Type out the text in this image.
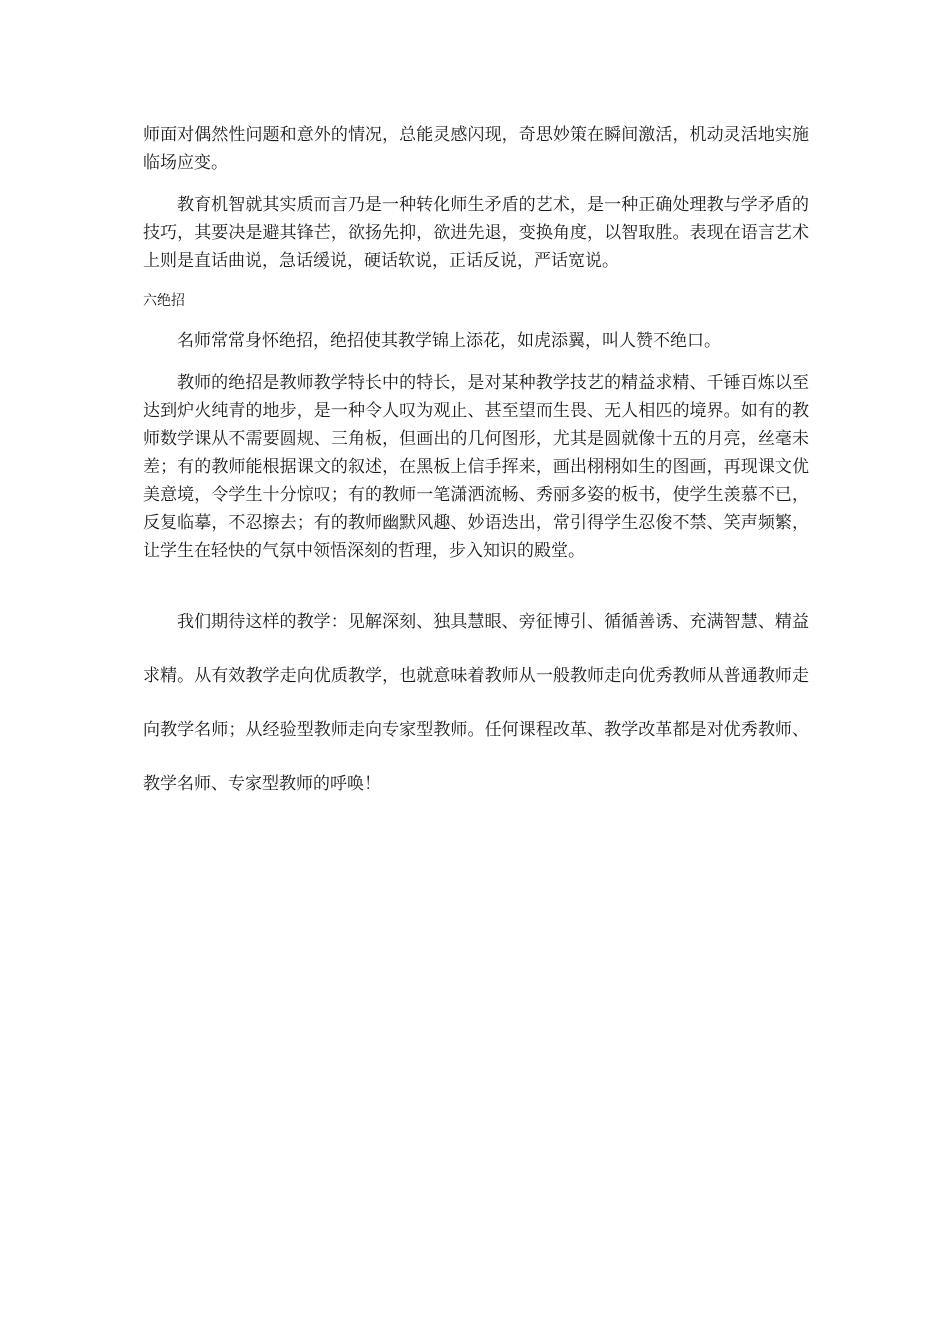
师面对偶然性问题和意外的情况，总能灵感闪现，奇思妙策在瞬间激活，机动灵活地实施临场应变。

教育机智就其实质而言乃是一种转化师生矛盾的艺术，是一种正确处理教与学矛盾的技巧，其要决是避其锋芒，欲扬先抑，欲进先退，变换角度，以智取胜。表现在语言艺术上则是直话曲说，急话缓说，硬话软说，正话反说，严话宽说。

六绝招

名师常常身怀绝招，绝招使其教学锦上添花，如虎添翼，叫人赞不绝口。

教师的绝招是教师教学特长中的特长，是对某种教学技艺的精益求精、千锤百炼以至达到炉火纯青的地步，是一种令人叹为观止、甚至望而生畏、无人相匹的境界。如有的教师数学课从不需要圆规、三角板，但画出的几何图形，尤其是圆就像十五的月亮，丝毫未差；有的教师能根据课文的叙述，在黑板上信手挥来，画出栩栩如生的图画，再现课文优美意境，令学生十分惊叹；有的教师一笔潇洒流畅、秀丽多姿的板书，使学生羡慕不已，反复临摹，不忍擦去；有的教师幽默风趣、妙语迭出，常引得学生忍俊不禁、笑声频繁，让学生在轻快的气氛中领悟深刻的哲理，步入知识的殿堂。

我们期待这样的教学：见解深刻、独具慧眼、旁征博引、循循善诱、充满智慧、精益求精。从有效教学走向优质教学，也就意味着教师从一般教师走向优秀教师从普通教师走向教学名师；从经验型教师走向专家型教师。任何课程改革、教学改革都是对优秀教师、教学名师、专家型教师的呼唤！
